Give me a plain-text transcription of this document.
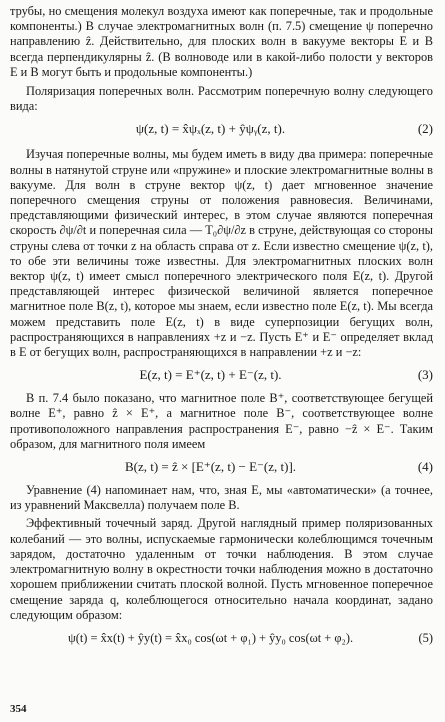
трубы, но смещения молекул воздуха имеют как поперечные, так и продольные компоненты.) В случае электромагнитных волн (п. 7.5) смещение ψ поперечно направлению ẑ. Действительно, для плоских волн в вакууме векторы E и B всегда перпендикулярны ẑ. (В волноводе или в какой-либо полости у векторов E и B могут быть и продольные компоненты.)

Поляризация поперечных волн. Рассмотрим поперечную волну следующего вида:

ψ(z, t) = x̂ψₓ(z, t) + ŷψᵧ(z, t).	(2)

Изучая поперечные волны, мы будем иметь в виду два примера: поперечные волны в натянутой струне или «пружине» и плоские электромагнитные волны в вакууме. Для волн в струне вектор ψ(z, t) дает мгновенное значение поперечного смещения струны от положения равновесия. Величинами, представляющими физический интерес, в этом случае являются поперечная скорость ∂ψ/∂t и поперечная сила — T₀∂ψ/∂z в струне, действующая со стороны струны слева от точки z на область справа от z. Если известно смещение ψ(z, t), то обе эти величины тоже известны. Для электромагнитных плоских волн вектор ψ(z, t) имеет смысл поперечного электрического поля E(z, t). Другой представляющей интерес физической величиной является поперечное магнитное поле B(z, t), которое мы знаем, если известно поле E(z, t). Мы всегда можем представить поле E(z, t) в виде суперпозиции бегущих волн, распространяющихся в направлениях +z и −z. Пусть E⁺ и E⁻ определяет вклад в E от бегущих волн, распространяющихся в направлении +z и −z:

E(z, t) = E⁺(z, t) + E⁻(z, t).	(3)

В п. 7.4 было показано, что магнитное поле B⁺, соответствующее бегущей волне E⁺, равно ẑ × E⁺, а магнитное поле B⁻, соответствующее волне противоположного направления распространения E⁻, равно −ẑ × E⁻. Таким образом, для магнитного поля имеем

B(z, t) = ẑ × [E⁺(z, t) − E⁻(z, t)].	(4)

Уравнение (4) напоминает нам, что, зная E, мы «автоматически» (а точнее, из уравнений Максвелла) получаем поле B.

Эффективный точечный заряд. Другой наглядный пример поляризованных колебаний — это волны, испускаемые гармонически колеблющимся точечным зарядом, достаточно удаленным от точки наблюдения. В этом случае электромагнитную волну в окрестности точки наблюдения можно в достаточно хорошем приближении считать плоской волной. Пусть мгновенное поперечное смещение заряда q, колеблющегося относительно начала координат, задано следующим образом:

ψ(t) = x̂x(t) + ŷy(t) = x̂x₀ cos(ωt + φ₁) + ŷy₀ cos(ωt + φ₂).	(5)
354
